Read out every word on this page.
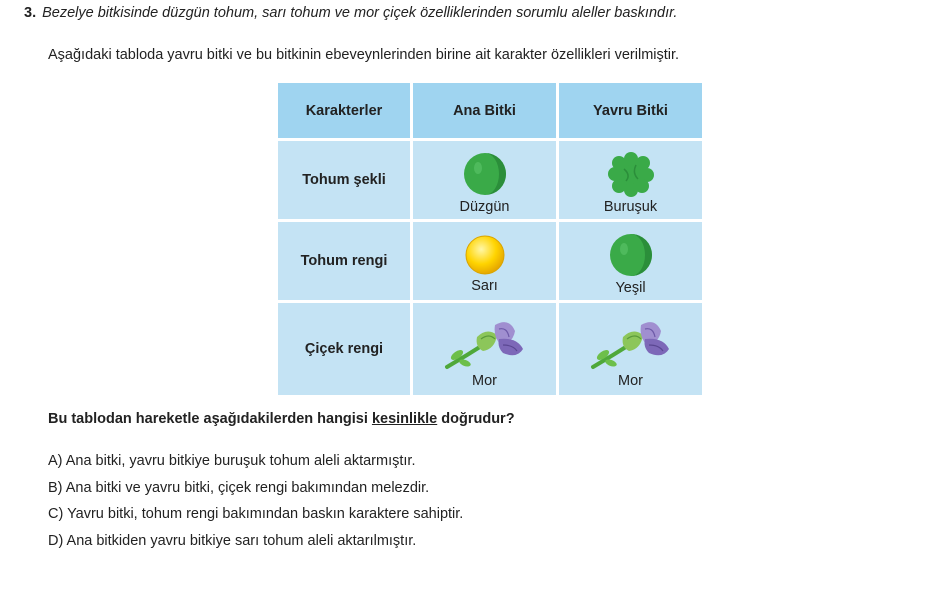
3. Bezelye bitkisinde düzgün tohum, sarı tohum ve mor çiçek özelliklerinden sorumlu aleller baskındır.
Aşağıdaki tabloda yavru bitki ve bu bitkinin ebeveynlerinden birine ait karakter özellikleri verilmiştir.
Karakterler	Ana Bitki	Yavru Bitki
Tohum şekli	Düzgün	Buruşuk

Tohum rengi	Sarı	Yeşil

Çiçek rengi	Mor	Mor
Bu tablodan hareketle aşağıdakilerden hangisi kesinlikle doğrudur?
A) Ana bitki, yavru bitkiye buruşuk tohum aleli aktarmıştır.
B) Ana bitki ve yavru bitki, çiçek rengi bakımından melezdir.
C) Yavru bitki, tohum rengi bakımından baskın karaktere sahiptir.
D) Ana bitkiden yavru bitkiye sarı tohum aleli aktarılmıştır.
